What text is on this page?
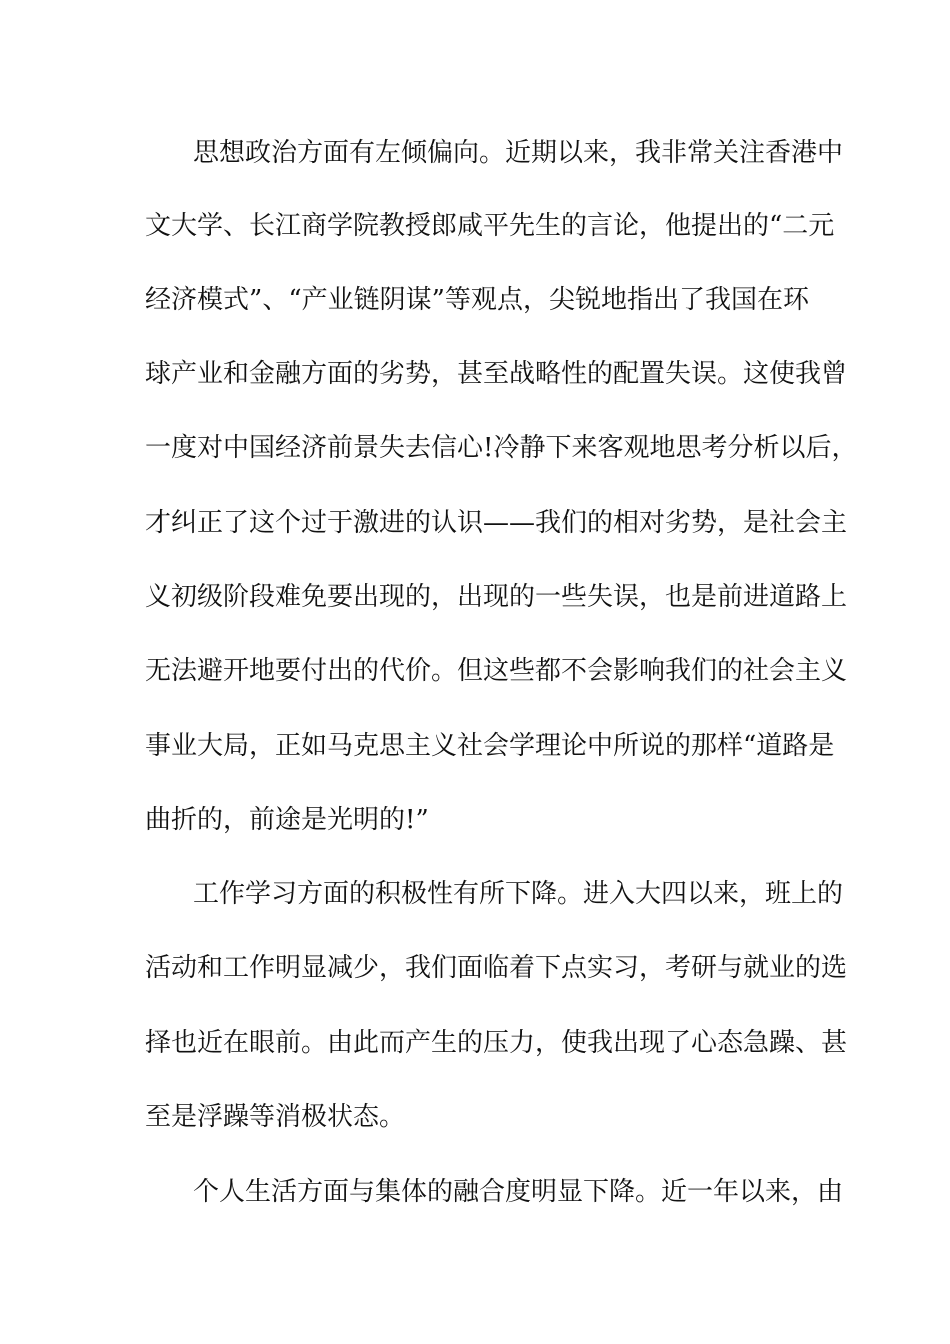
思想政治方面有左倾偏向。近期以来，我非常关注香港中
文大学、长江商学院教授郎咸平先生的言论，他提出的“二元
经济模式”、“产业链阴谋”等观点，尖锐地指出了我国在环
球产业和金融方面的劣势，甚至战略性的配置失误。这使我曾
一度对中国经济前景失去信心!冷静下来客观地思考分析以后，
才纠正了这个过于激进的认识——我们的相对劣势，是社会主
义初级阶段难免要出现的，出现的一些失误，也是前进道路上
无法避开地要付出的代价。但这些都不会影响我们的社会主义
事业大局，正如马克思主义社会学理论中所说的那样“道路是
曲折的，前途是光明的!”
工作学习方面的积极性有所下降。进入大四以来，班上的
活动和工作明显减少，我们面临着下点实习，考研与就业的选
择也近在眼前。由此而产生的压力，使我出现了心态急躁、甚
至是浮躁等消极状态。
个人生活方面与集体的融合度明显下降。近一年以来，由
